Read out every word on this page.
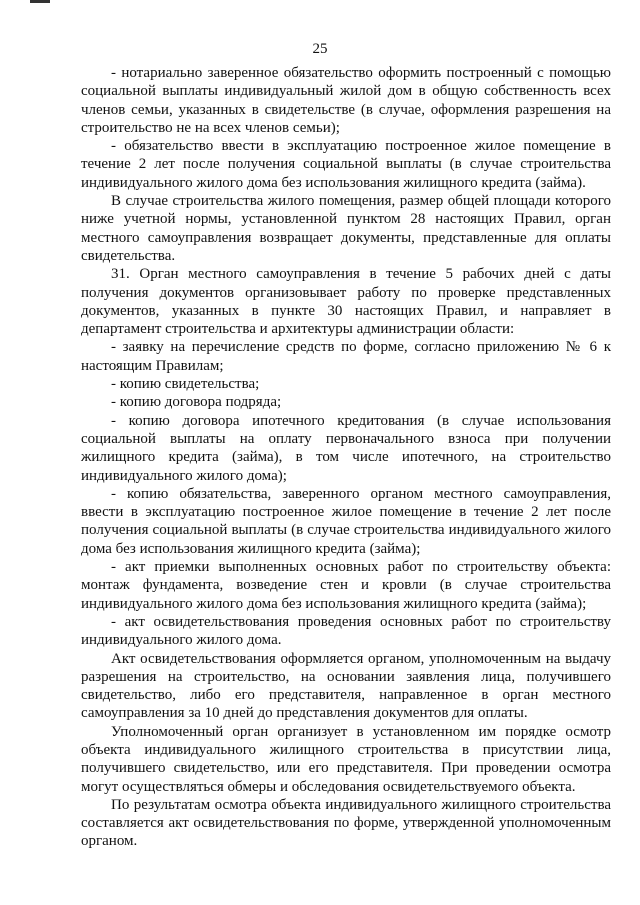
25

- нотариально заверенное обязательство оформить построенный с помощью социальной выплаты индивидуальный жилой дом в общую собственность всех членов семьи, указанных в свидетельстве (в случае, оформления разрешения на строительство не на всех членов семьи);

- обязательство ввести в эксплуатацию построенное жилое помещение в течение 2 лет после получения социальной выплаты (в случае строительства индивидуального жилого дома без использования жилищного кредита (займа).

В случае строительства жилого помещения, размер общей площади которого ниже учетной нормы, установленной пунктом 28 настоящих Правил, орган местного самоуправления возвращает документы, представленные для оплаты свидетельства.

31. Орган местного самоуправления в течение 5 рабочих дней с даты получения документов организовывает работу по проверке представленных документов, указанных в пункте 30 настоящих Правил, и направляет в департамент строительства и архитектуры администрации области:

- заявку на перечисление средств по форме, согласно приложению № 6 к настоящим Правилам;

- копию свидетельства;

- копию договора подряда;

- копию договора ипотечного кредитования (в случае использования социальной выплаты на оплату первоначального взноса при получении жилищного кредита (займа), в том числе ипотечного, на строительство индивидуального жилого дома);

- копию обязательства, заверенного органом местного самоуправления, ввести в эксплуатацию построенное жилое помещение в течение 2 лет после получения социальной выплаты (в случае строительства индивидуального жилого дома без использования жилищного кредита (займа);

- акт приемки выполненных основных работ по строительству объекта: монтаж фундамента, возведение стен и кровли (в случае строительства индивидуального жилого дома без использования жилищного кредита (займа);

- акт освидетельствования проведения основных работ по строительству индивидуального жилого дома.

Акт освидетельствования оформляется органом, уполномоченным на выдачу разрешения на строительство, на основании заявления лица, получившего свидетельство, либо его представителя, направленное в орган местного самоуправления за 10 дней до представления документов для оплаты.

Уполномоченный орган организует в установленном им порядке осмотр объекта индивидуального жилищного строительства в присутствии лица, получившего свидетельство, или его представителя. При проведении осмотра могут осуществляться обмеры и обследования освидетельствуемого объекта.

По результатам осмотра объекта индивидуального жилищного строительства составляется акт освидетельствования по форме, утвержденной уполномоченным органом.
